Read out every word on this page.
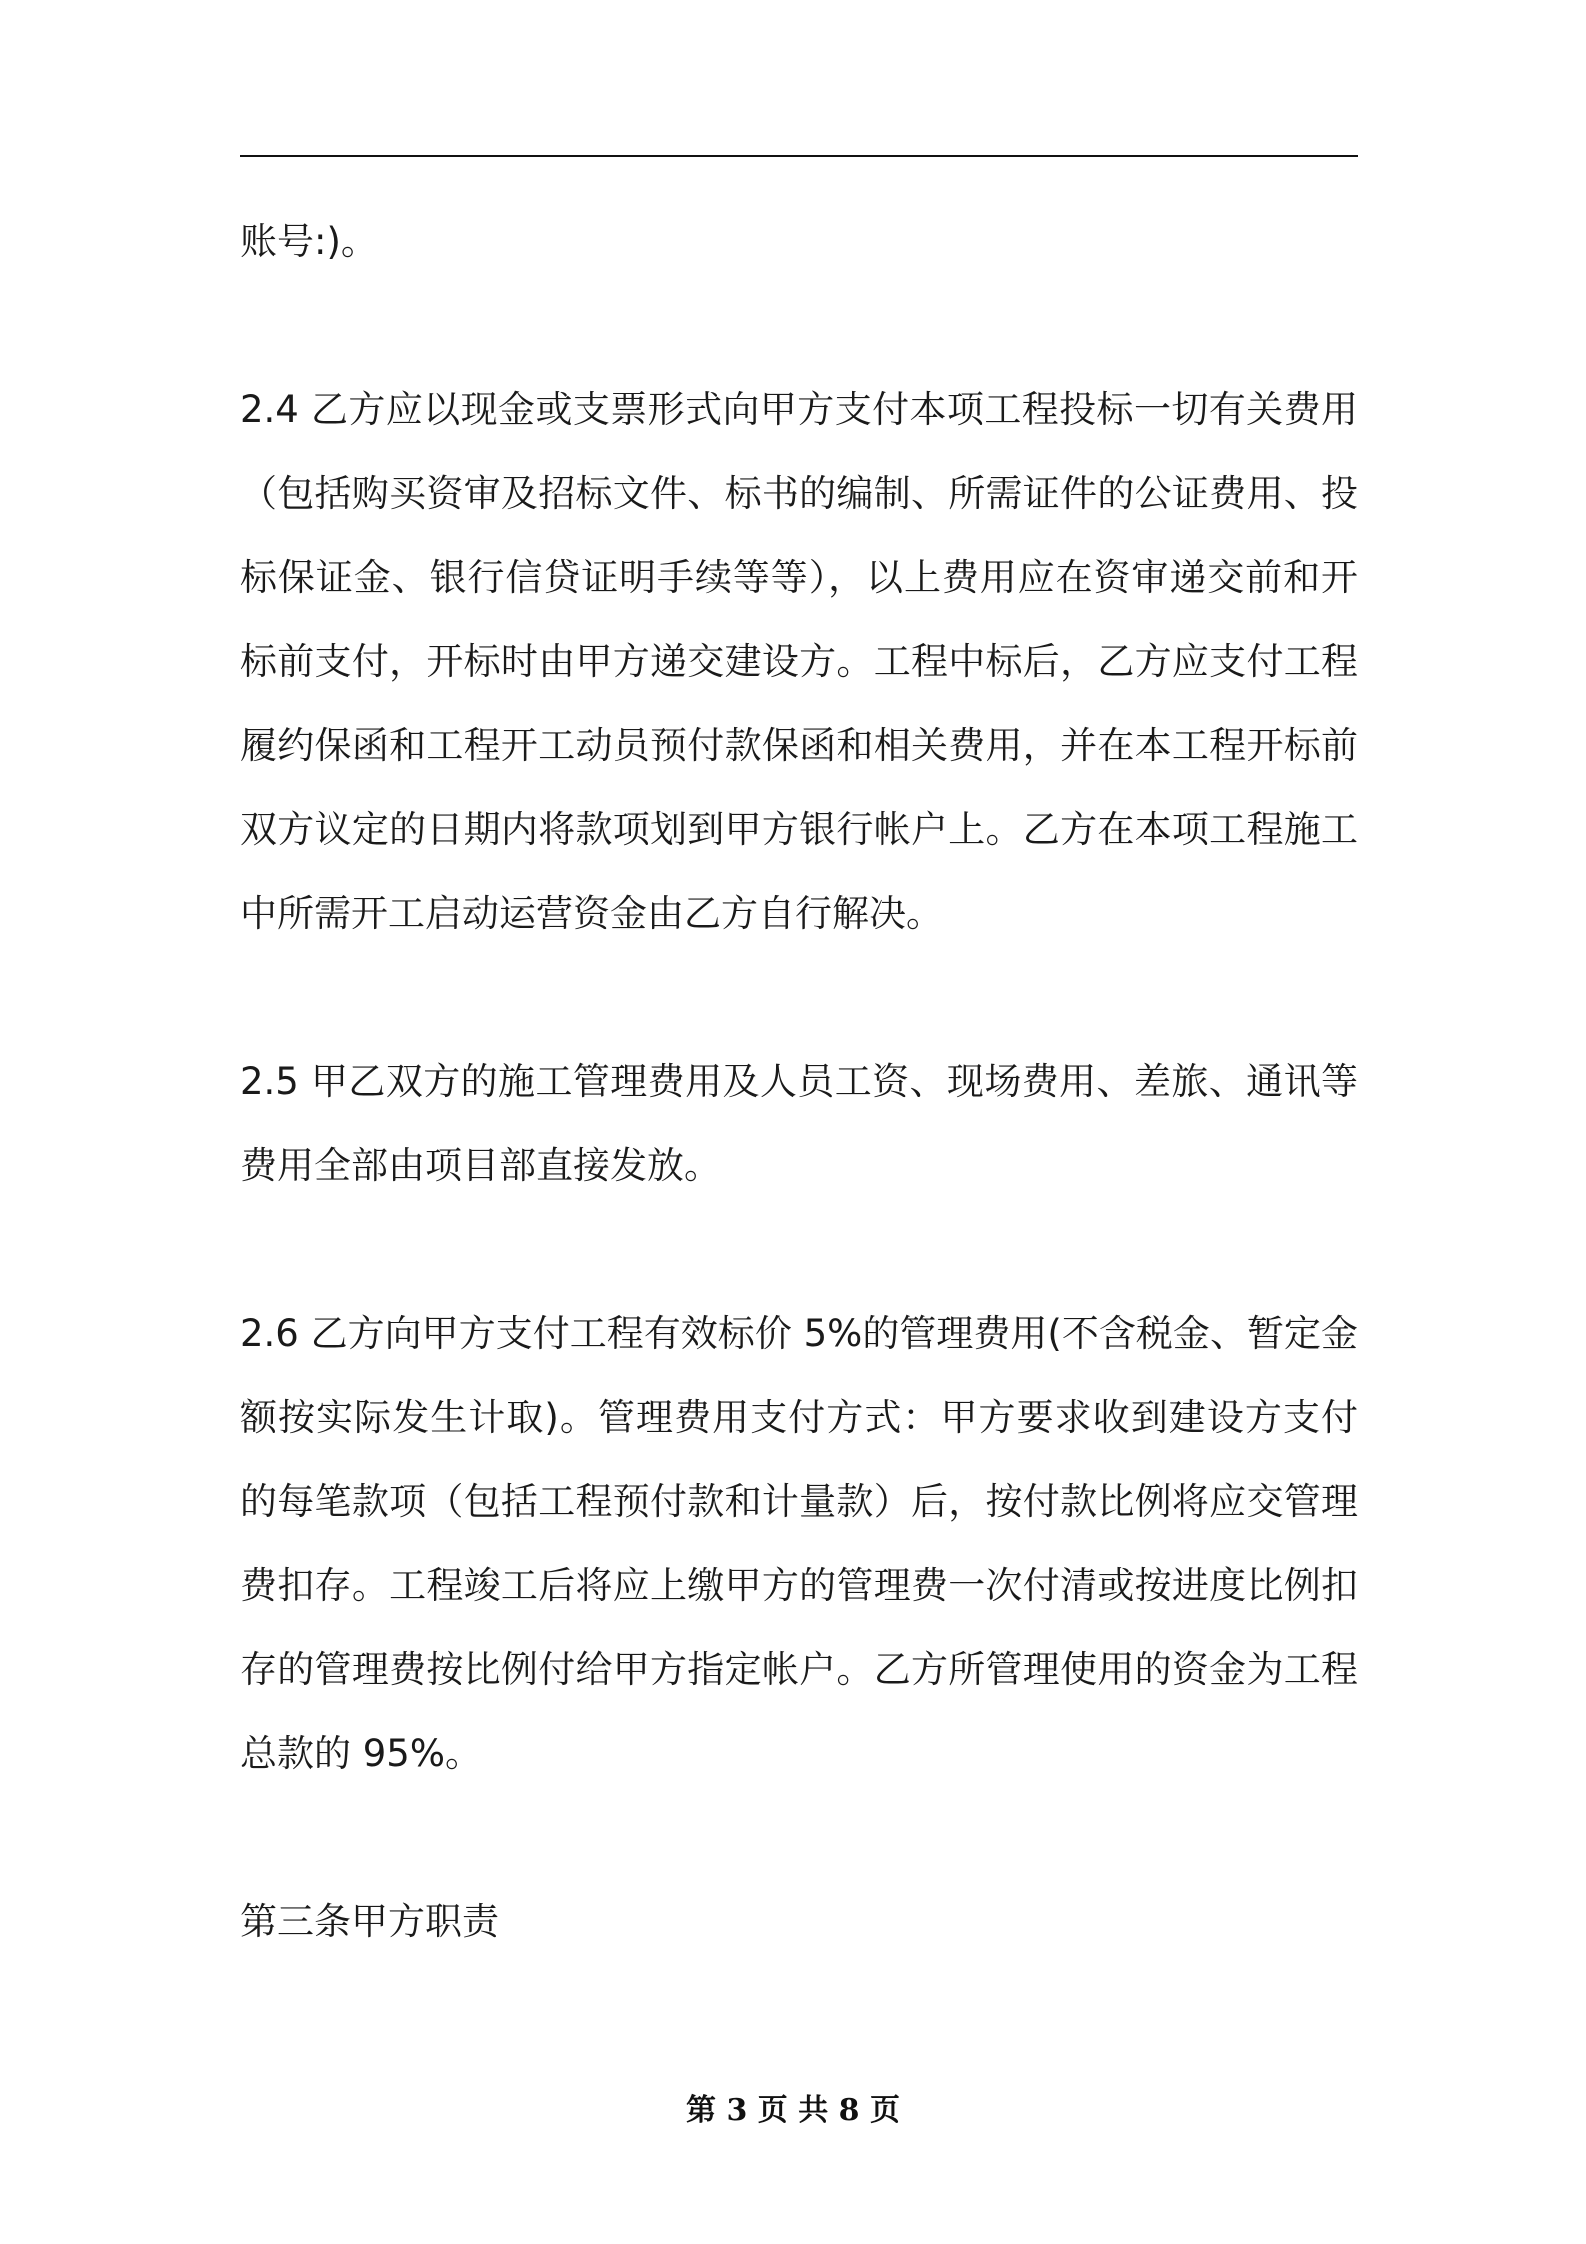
账号:)。

2.4 乙方应以现金或支票形式向甲方支付本项工程投标一切有关费用（包括购买资审及招标文件、标书的编制、所需证件的公证费用、投标保证金、银行信贷证明手续等等），以上费用应在资审递交前和开标前支付，开标时由甲方递交建设方。工程中标后，乙方应支付工程履约保函和工程开工动员预付款保函和相关费用，并在本工程开标前双方议定的日期内将款项划到甲方银行帐户上。乙方在本项工程施工中所需开工启动运营资金由乙方自行解决。

2.5 甲乙双方的施工管理费用及人员工资、现场费用、差旅、通讯等费用全部由项目部直接发放。

2.6 乙方向甲方支付工程有效标价 5%的管理费用(不含税金、暂定金额按实际发生计取)。管理费用支付方式：甲方要求收到建设方支付的每笔款项（包括工程预付款和计量款）后，按付款比例将应交管理费扣存。工程竣工后将应上缴甲方的管理费一次付清或按进度比例扣存的管理费按比例付给甲方指定帐户。乙方所管理使用的资金为工程总款的 95%。

第三条甲方职责

第 3 页 共 8 页
